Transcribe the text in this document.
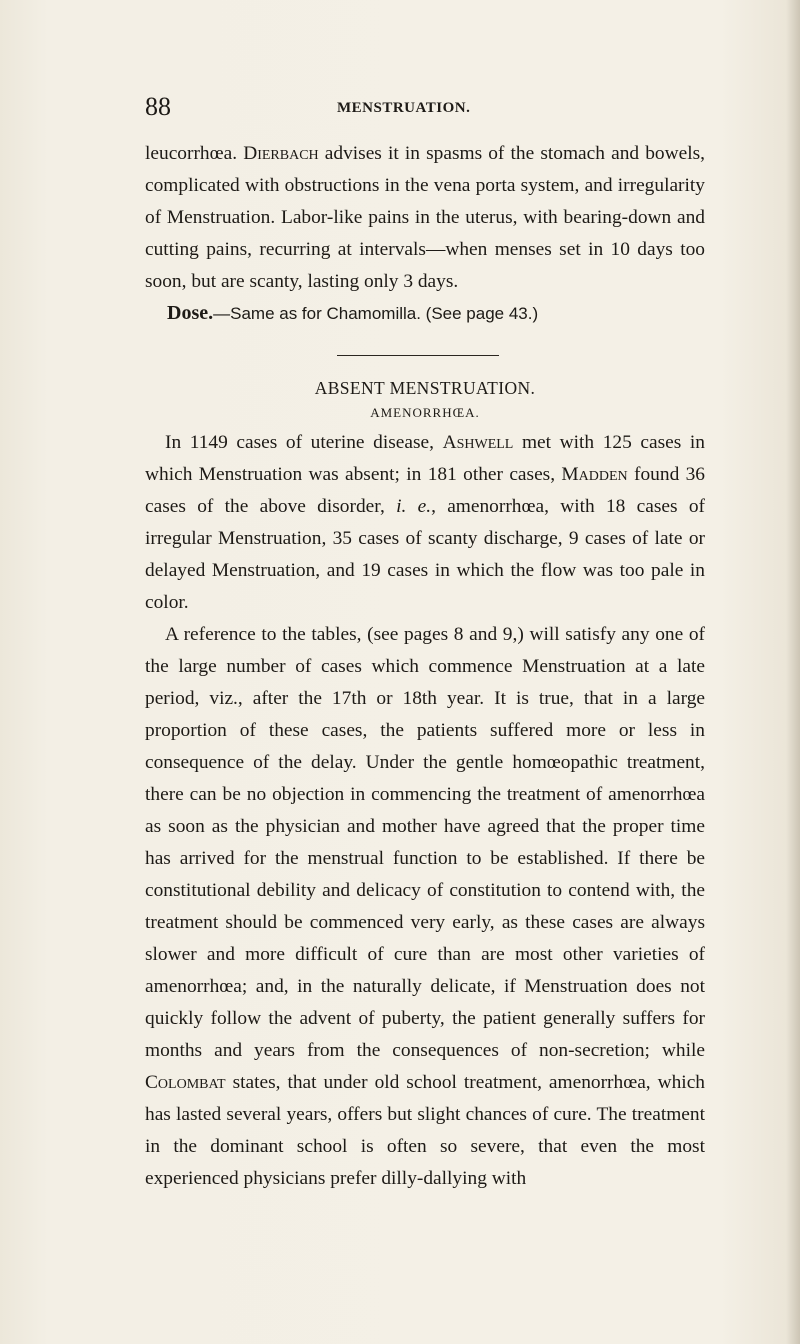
88	MENSTRUATION.

leucorrhœa. Dierbach advises it in spasms of the stomach and bowels, complicated with obstructions in the vena porta system, and irregularity of Menstruation. Labor-like pains in the uterus, with bearing-down and cutting pains, recurring at intervals—when menses set in 10 days too soon, but are scanty, lasting only 3 days.

Dose.—Same as for Chamomilla. (See page 43.)

ABSENT MENSTRUATION.

AMENORRHŒA.

In 1149 cases of uterine disease, Ashwell met with 125 cases in which Menstruation was absent; in 181 other cases, Madden found 36 cases of the above disorder, i. e., amenorrhœa, with 18 cases of irregular Menstruation, 35 cases of scanty discharge, 9 cases of late or delayed Menstruation, and 19 cases in which the flow was too pale in color.

A reference to the tables, (see pages 8 and 9,) will satisfy any one of the large number of cases which commence Menstruation at a late period, viz., after the 17th or 18th year. It is true, that in a large proportion of these cases, the patients suffered more or less in consequence of the delay. Under the gentle homœopathic treatment, there can be no objection in commencing the treatment of amenorrhœa as soon as the physician and mother have agreed that the proper time has arrived for the menstrual function to be established. If there be constitutional debility and delicacy of constitution to contend with, the treatment should be commenced very early, as these cases are always slower and more difficult of cure than are most other varieties of amenorrhœa; and, in the naturally delicate, if Menstruation does not quickly follow the advent of puberty, the patient generally suffers for months and years from the consequences of non-secretion; while Colombat states, that under old school treatment, amenorrhœa, which has lasted several years, offers but slight chances of cure. The treatment in the dominant school is often so severe, that even the most experienced physicians prefer dilly-dallying with
